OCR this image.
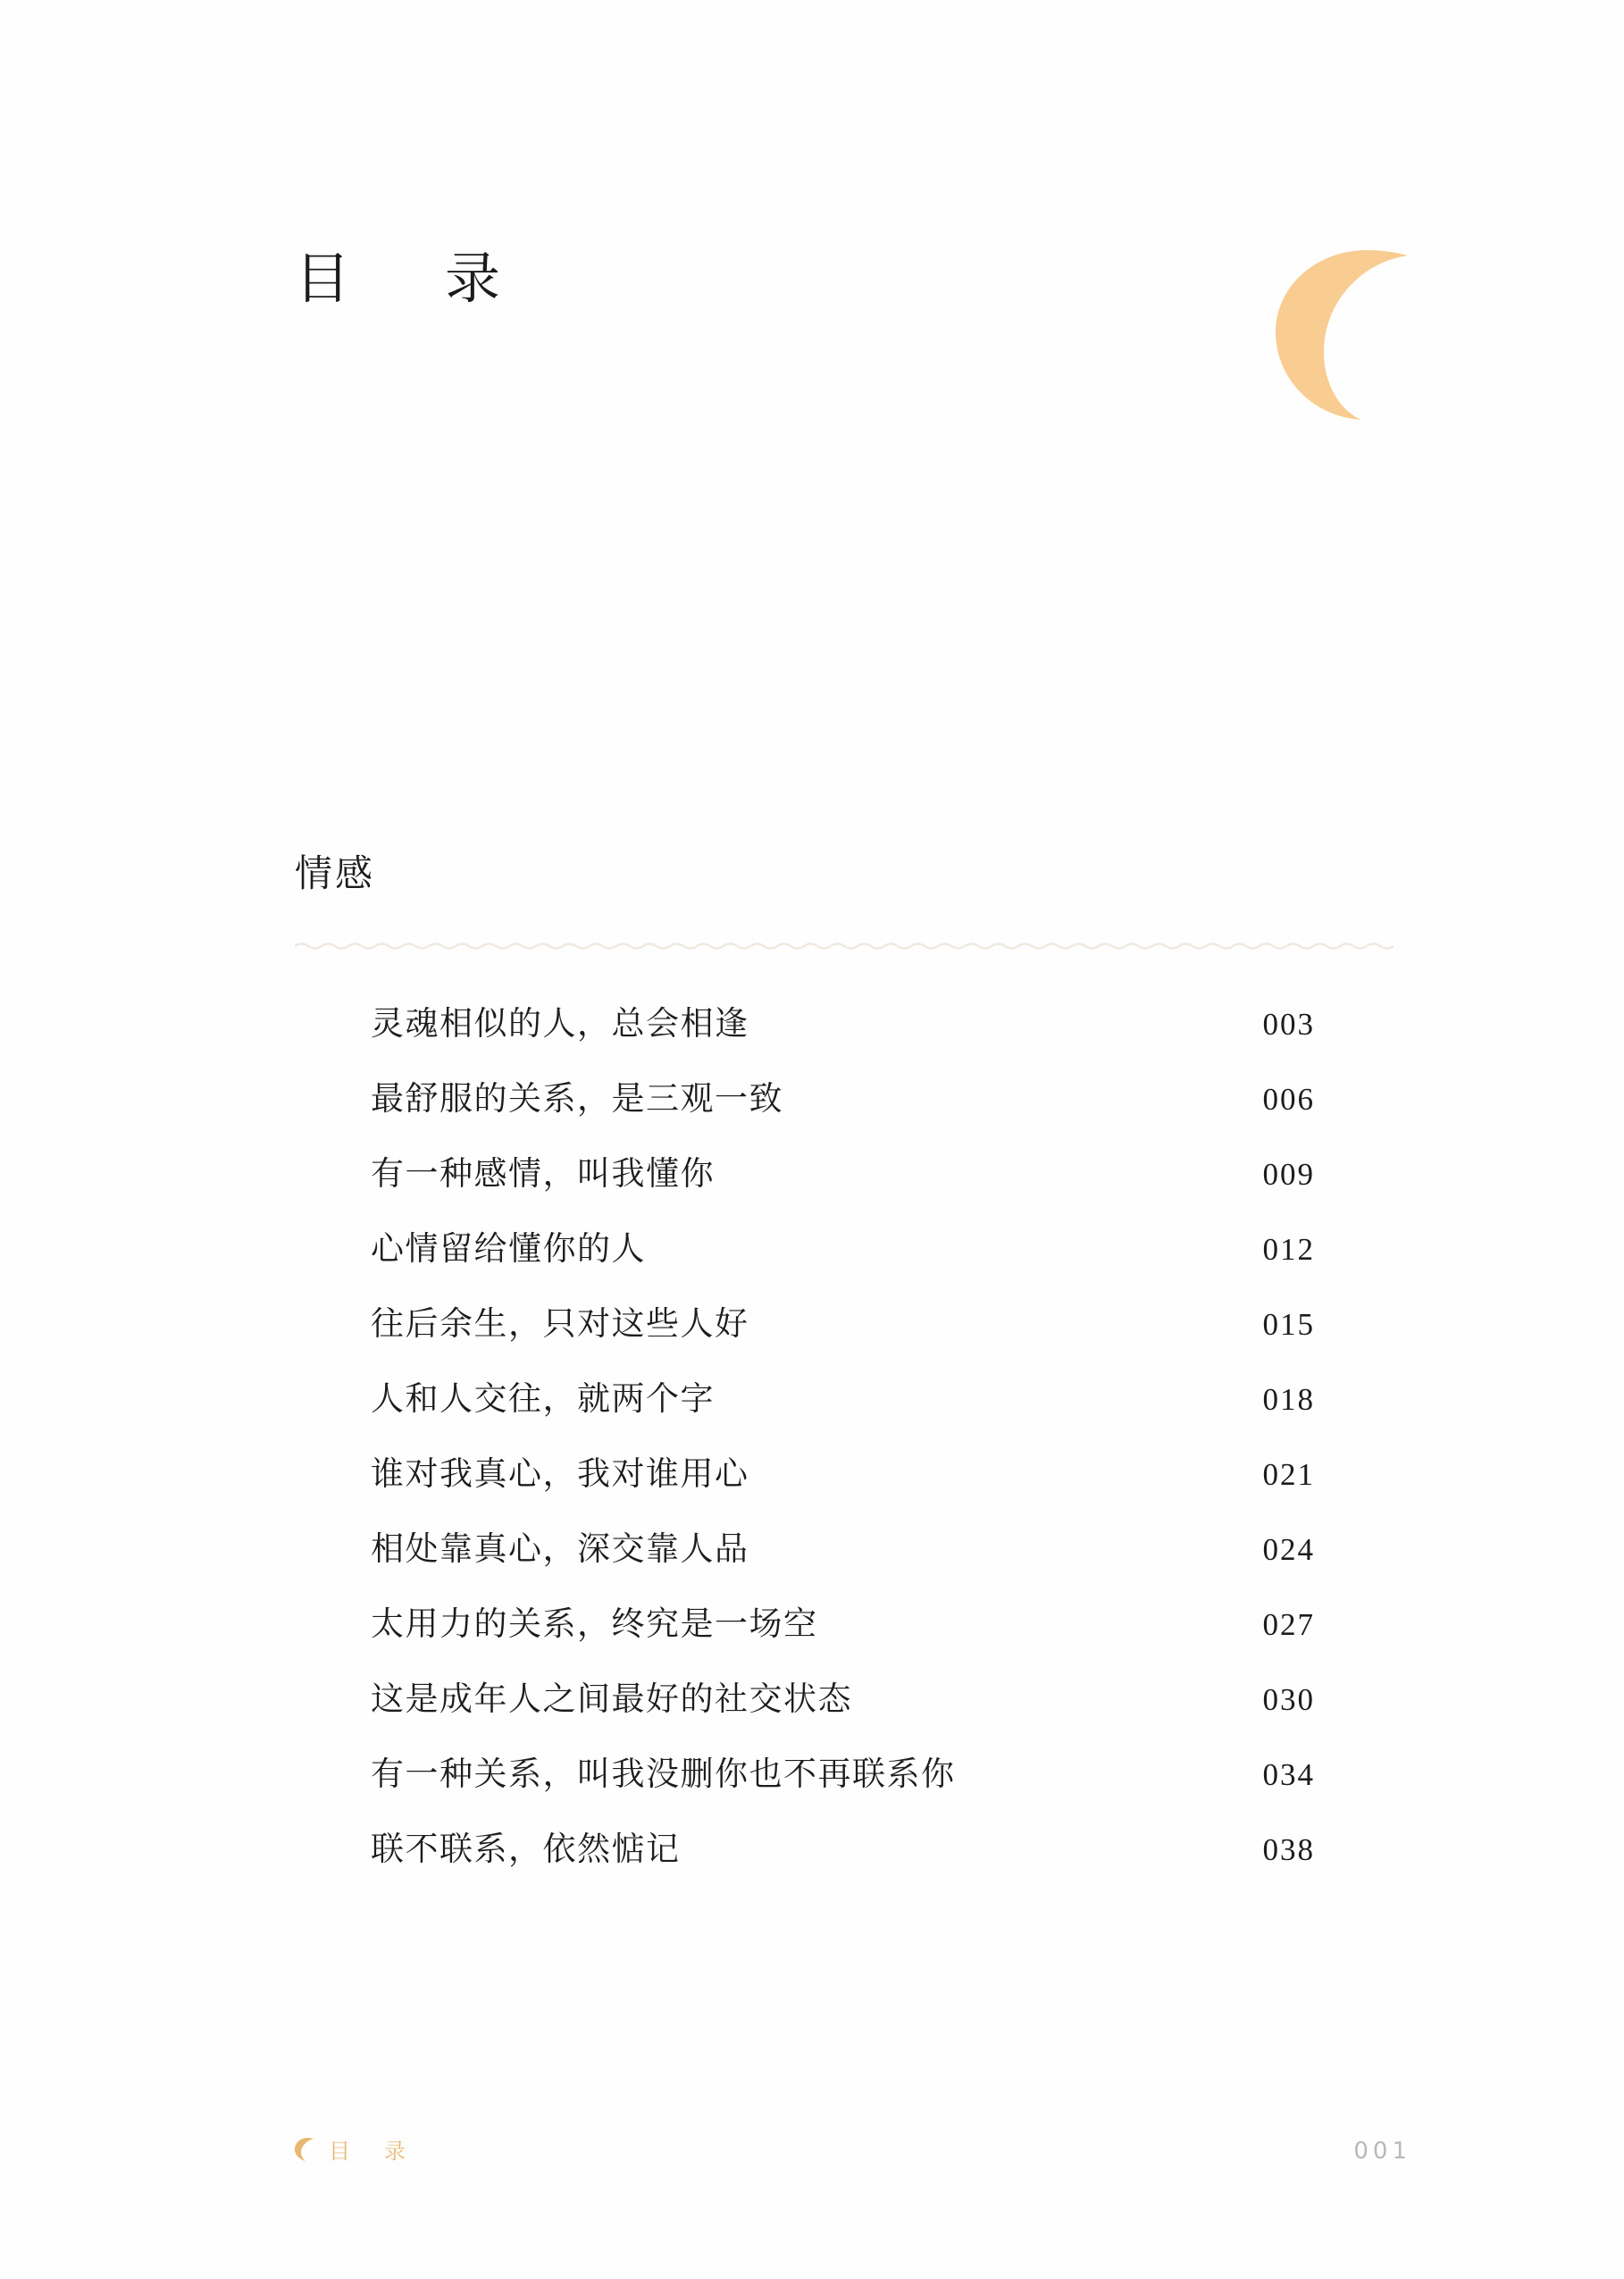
目　录
情感
灵魂相似的人，总会相逢	003
最舒服的关系，是三观一致	006
有一种感情，叫我懂你	009
心情留给懂你的人	012
往后余生，只对这些人好	015
人和人交往，就两个字	018
谁对我真心，我对谁用心	021
相处靠真心，深交靠人品	024
太用力的关系，终究是一场空	027
这是成年人之间最好的社交状态	030
有一种关系，叫我没删你也不再联系你	034
联不联系，依然惦记	038
目　录	001
